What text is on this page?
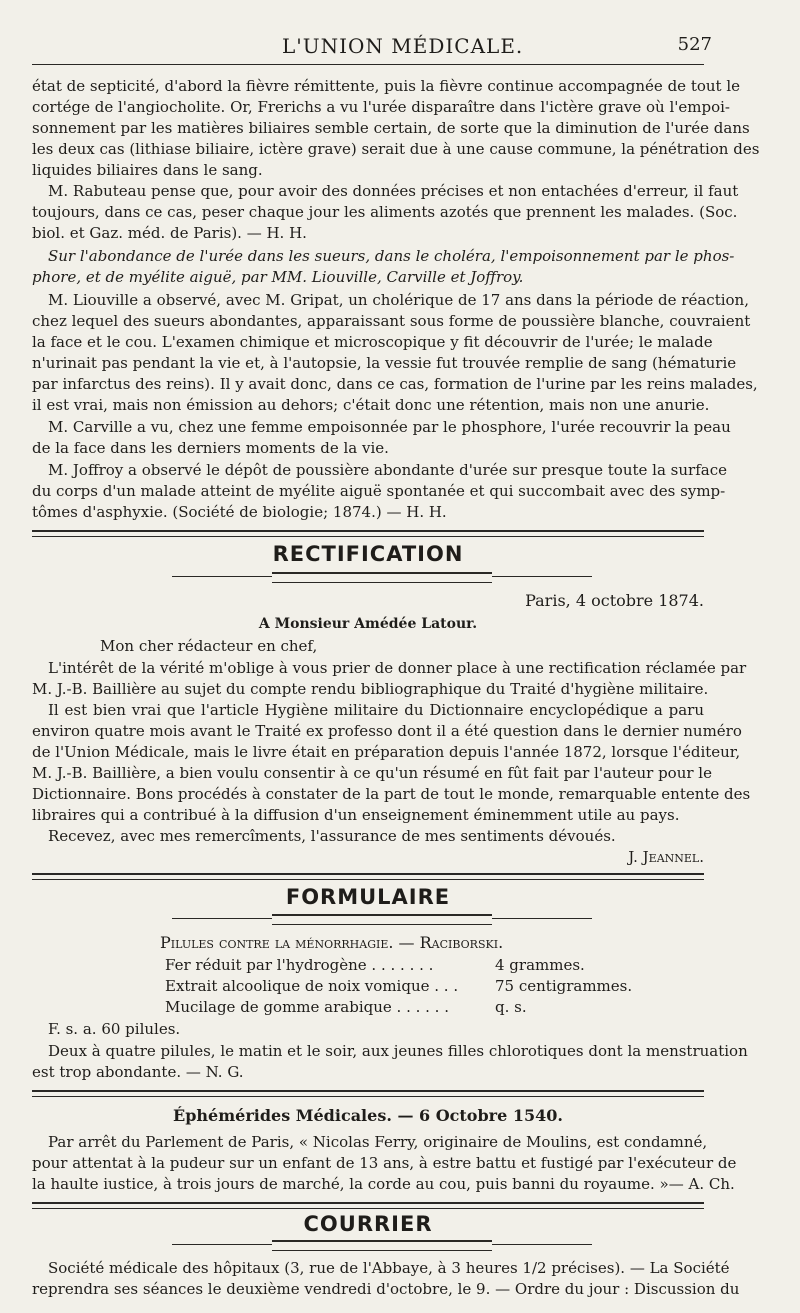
L'UNION MÉDICALE.	527
état de septicité, d'abord la fièvre rémittente, puis la fièvre continue accompagnée de tout le
cortége de l'angiocholite. Or, Frerichs a vu l'urée disparaître dans l'ictère grave où l'empoi-
sonnement par les matières biliaires semble certain, de sorte que la diminution de l'urée dans
les deux cas (lithiase biliaire, ictère grave) serait due à une cause commune, la pénétration des
liquides biliaires dans le sang.
M. Rabuteau pense que, pour avoir des données précises et non entachées d'erreur, il faut
toujours, dans ce cas, peser chaque jour les aliments azotés que prennent les malades. (Soc.
biol. et Gaz. méd. de Paris). — H. H.
Sur l'abondance de l'urée dans les sueurs, dans le choléra, l'empoisonnement par le phos-
phore, et de myélite aiguë, par MM. Liouville, Carville et Joffroy.
M. Liouville a observé, avec M. Gripat, un cholérique de 17 ans dans la période de réaction,
chez lequel des sueurs abondantes, apparaissant sous forme de poussière blanche, couvraient
la face et le cou. L'examen chimique et microscopique y fit découvrir de l'urée; le malade
n'urinait pas pendant la vie et, à l'autopsie, la vessie fut trouvée remplie de sang (hématurie
par infarctus des reins). Il y avait donc, dans ce cas, formation de l'urine par les reins malades,
il est vrai, mais non émission au dehors; c'était donc une rétention, mais non une anurie.
M. Carville a vu, chez une femme empoisonnée par le phosphore, l'urée recouvrir la peau
de la face dans les derniers moments de la vie.
M. Joffroy a observé le dépôt de poussière abondante d'urée sur presque toute la surface
du corps d'un malade atteint de myélite aiguë spontanée et qui succombait avec des symp-
tômes d'asphyxie. (Société de biologie; 1874.) — H. H.
RECTIFICATION
Paris, 4 octobre 1874.
A Monsieur Amédée Latour.
Mon cher rédacteur en chef,
L'intérêt de la vérité m'oblige à vous prier de donner place à une rectification réclamée par
M. J.-B. Baillière au sujet du compte rendu bibliographique du Traité d'hygiène militaire.
Il est bien vrai que l'article Hygiène militaire du Dictionnaire encyclopédique a paru
environ quatre mois avant le Traité ex professo dont il a été question dans le dernier numéro
de l'Union Médicale, mais le livre était en préparation depuis l'année 1872, lorsque l'éditeur,
M. J.-B. Baillière, a bien voulu consentir à ce qu'un résumé en fût fait par l'auteur pour le
Dictionnaire. Bons procédés à constater de la part de tout le monde, remarquable entente des
libraires qui a contribué à la diffusion d'un enseignement éminemment utile au pays.
Recevez, avec mes remercîments, l'assurance de mes sentiments dévoués.
J. Jeannel.
FORMULAIRE
Pilules contre la ménorrhagie. — Raciborski.
Fer réduit par l'hydrogène . . . . . . .	4 grammes.
Extrait alcoolique de noix vomique . . . 75 centigrammes.
Mucilage de gomme arabique . . . . . .	q. s.
F. s. a. 60 pilules.
Deux à quatre pilules, le matin et le soir, aux jeunes filles chlorotiques dont la menstruation
est trop abondante. — N. G.
Éphémérides Médicales. — 6 Octobre 1540.
Par arrêt du Parlement de Paris, « Nicolas Ferry, originaire de Moulins, est condamné,
pour attentat à la pudeur sur un enfant de 13 ans, à estre battu et fustigé par l'exécuteur de
la haulte iustice, à trois jours de marché, la corde au cou, puis banni du royaume. »— A. Ch.
COURRIER
Société médicale des hôpitaux (3, rue de l'Abbaye, à 3 heures 1/2 précises). — La Société
reprendra ses séances le deuxième vendredi d'octobre, le 9. — Ordre du jour : Discussion du
